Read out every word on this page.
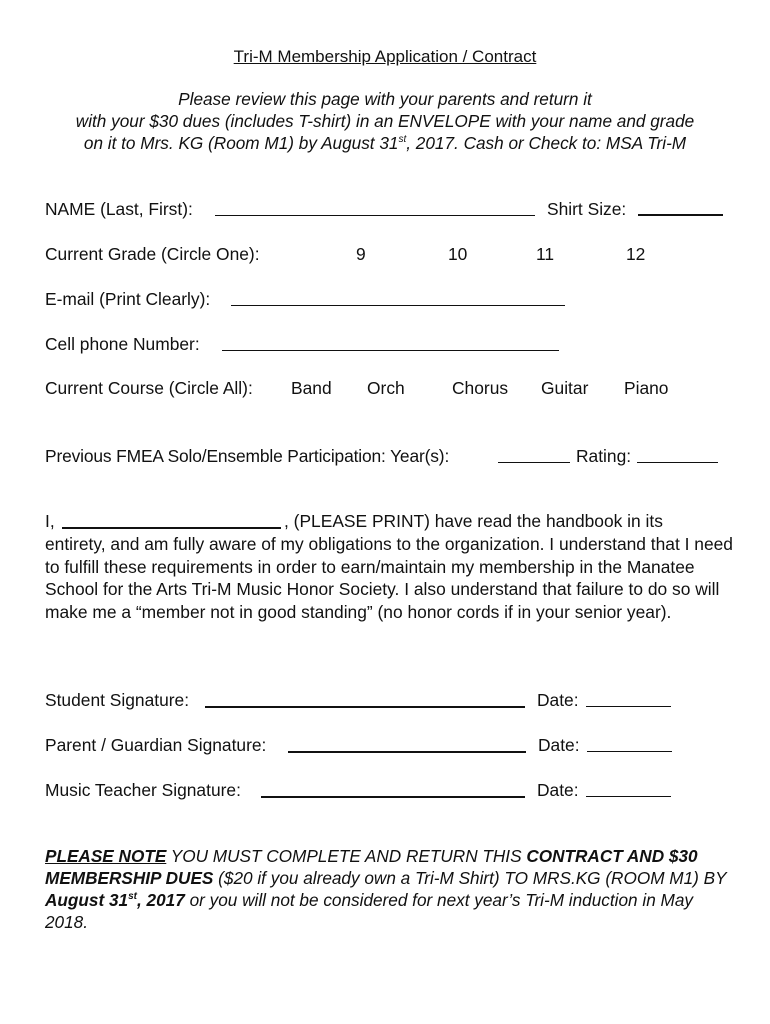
Tri-M Membership Application / Contract
Please review this page with your parents and return it
with your $30 dues (includes T-shirt) in an ENVELOPE with your name and grade
on it to Mrs. KG (Room M1) by August 31st, 2017. Cash or Check to: MSA Tri-M
NAME (Last, First):	Shirt Size:
Current Grade (Circle One):	9	10	11	12
E-mail (Print Clearly):
Cell phone Number:
Current Course (Circle All): Band Orch	Chorus Guitar Piano
Previous FMEA Solo/Ensemble Participation: Year(s):	Rating:
I,	, (PLEASE PRINT) have read the handbook in its
entirety, and am fully aware of my obligations to the organization. I understand that I need to fulfill these requirements in order to earn/maintain my membership in the Manatee School for the Arts Tri-M Music Honor Society. I also understand that failure to do so will make me a “member not in good standing” (no honor cords if in your senior year).
Student Signature:	Date:
Parent / Guardian Signature:	Date:
Music Teacher Signature:	Date:
PLEASE NOTE YOU MUST COMPLETE AND RETURN THIS CONTRACT AND $30 MEMBERSHIP DUES ($20 if you already own a Tri-M Shirt) TO MRS.KG (ROOM M1) BY August 31st, 2017 or you will not be considered for next year’s Tri-M induction in May 2018.
